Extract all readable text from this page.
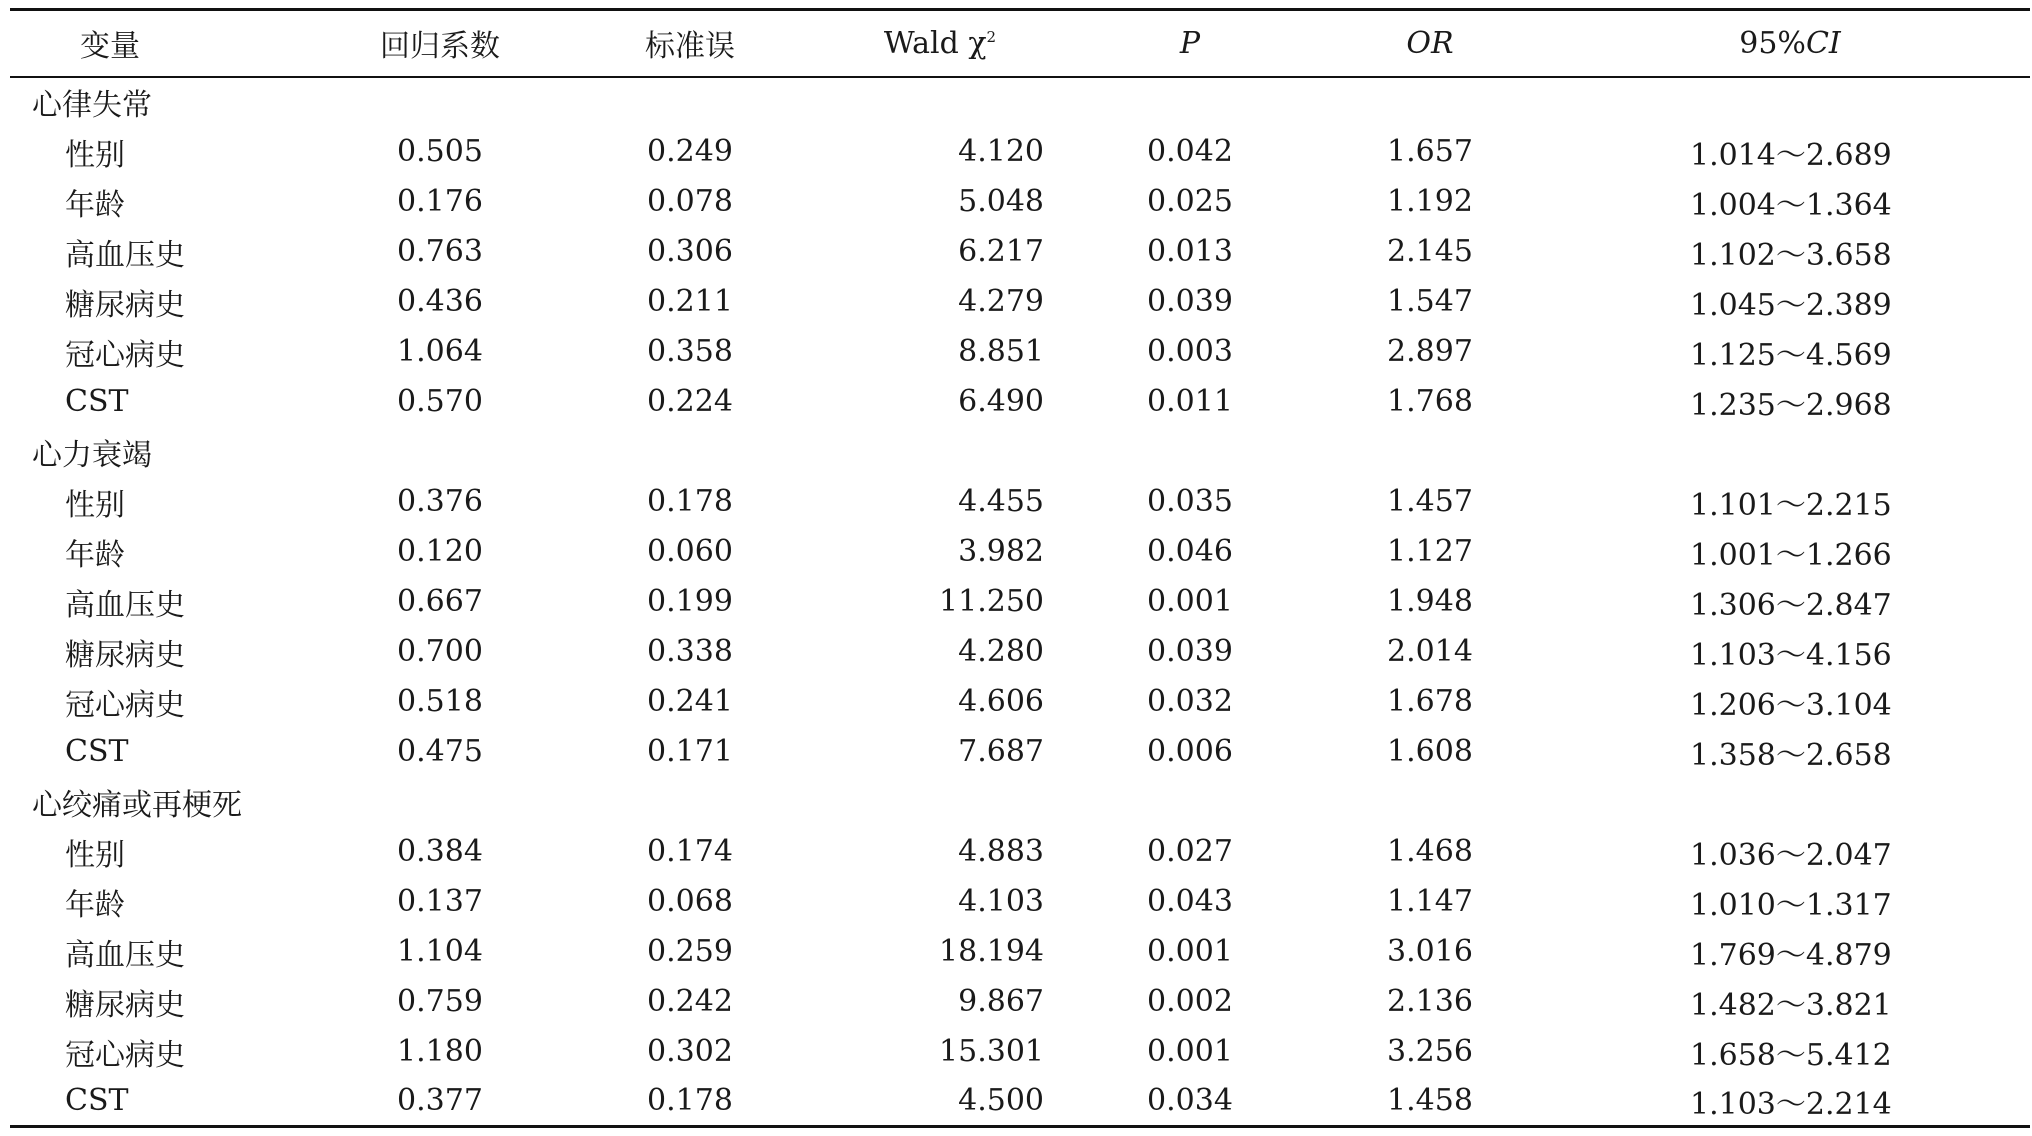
变量	回归系数	标准误	Wald $\chi^2$	P	OR	95%CI
心律失常						
性别	0.505	0.249	4.120	0.042	1.657	1.014～2.689
年龄	0.176	0.078	5.048	0.025	1.192	1.004～1.364
高血压史	0.763	0.306	6.217	0.013	2.145	1.102～3.658
糖尿病史	0.436	0.211	4.279	0.039	1.547	1.045～2.389
冠心病史	1.064	0.358	8.851	0.003	2.897	1.125～4.569
CST	0.570	0.224	6.490	0.011	1.768	1.235～2.968
心力衰竭						
性别	0.376	0.178	4.455	0.035	1.457	1.101～2.215
年龄	0.120	0.060	3.982	0.046	1.127	1.001～1.266
高血压史	0.667	0.199	11.250	0.001	1.948	1.306～2.847
糖尿病史	0.700	0.338	4.280	0.039	2.014	1.103～4.156
冠心病史	0.518	0.241	4.606	0.032	1.678	1.206～3.104
CST	0.475	0.171	7.687	0.006	1.608	1.358～2.658
心绞痛或再梗死						
性别	0.384	0.174	4.883	0.027	1.468	1.036～2.047
年龄	0.137	0.068	4.103	0.043	1.147	1.010～1.317
高血压史	1.104	0.259	18.194	0.001	3.016	1.769～4.879
糖尿病史	0.759	0.242	9.867	0.002	2.136	1.482～3.821
冠心病史	1.180	0.302	15.301	0.001	3.256	1.658～5.412
CST	0.377	0.178	4.500	0.034	1.458	1.103～2.214
